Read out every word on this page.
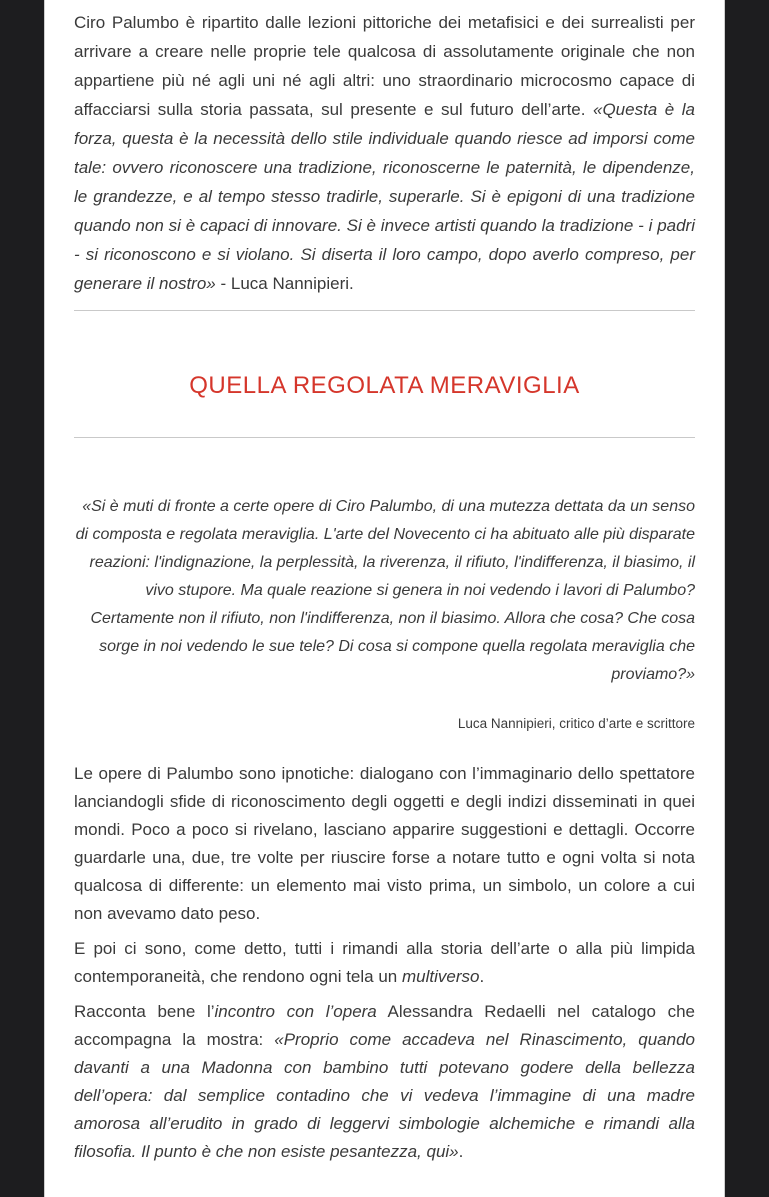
Ciro Palumbo è ripartito dalle lezioni pittoriche dei metafisici e dei surrealisti per arrivare a creare nelle proprie tele qualcosa di assolutamente originale che non appartiene più né agli uni né agli altri: uno straordinario microcosmo capace di affacciarsi sulla storia passata, sul presente e sul futuro dell’arte. «Questa è la forza, questa è la necessità dello stile individuale quando riesce ad imporsi come tale: ovvero riconoscere una tradizione, riconoscerne le paternità, le dipendenze, le grandezze, e al tempo stesso tradirle, superarle. Si è epigoni di una tradizione quando non si è capaci di innovare. Si è invece artisti quando la tradizione - i padri - si riconoscono e si violano. Si diserta il loro campo, dopo averlo compreso, per generare il nostro» - Luca Nannipieri.

QUELLA REGOLATA MERAVIGLIA
«Si è muti di fronte a certe opere di Ciro Palumbo, di una mutezza dettata da un senso di composta e regolata meraviglia. L'arte del Novecento ci ha abituato alle più disparate reazioni: l'indignazione, la perplessità, la riverenza, il rifiuto, l'indifferenza, il biasimo, il vivo stupore. Ma quale reazione si genera in noi vedendo i lavori di Palumbo? Certamente non il rifiuto, non l'indifferenza, non il biasimo. Allora che cosa? Che cosa sorge in noi vedendo le sue tele? Di cosa si compone quella regolata meraviglia che proviamo?»
Luca Nannipieri, critico d’arte e scrittore

Le opere di Palumbo sono ipnotiche: dialogano con l’immaginario dello spettatore lanciandogli sfide di riconoscimento degli oggetti e degli indizi disseminati in quei mondi. Poco a poco si rivelano, lasciano apparire suggestioni e dettagli. Occorre guardarle una, due, tre volte per riuscire forse a notare tutto e ogni volta si nota qualcosa di differente: un elemento mai visto prima, un simbolo, un colore a cui non avevamo dato peso.

E poi ci sono, come detto, tutti i rimandi alla storia dell’arte o alla più limpida contemporaneità, che rendono ogni tela un multiverso.

Racconta bene l’incontro con l’opera Alessandra Redaelli nel catalogo che accompagna la mostra: «Proprio come accadeva nel Rinascimento, quando davanti a una Madonna con bambino tutti potevano godere della bellezza dell’opera: dal semplice contadino che vi vedeva l’immagine di una madre amorosa all’erudito in grado di leggervi simbologie alchemiche e rimandi alla filosofia. Il punto è che non esiste pesantezza, qui».
